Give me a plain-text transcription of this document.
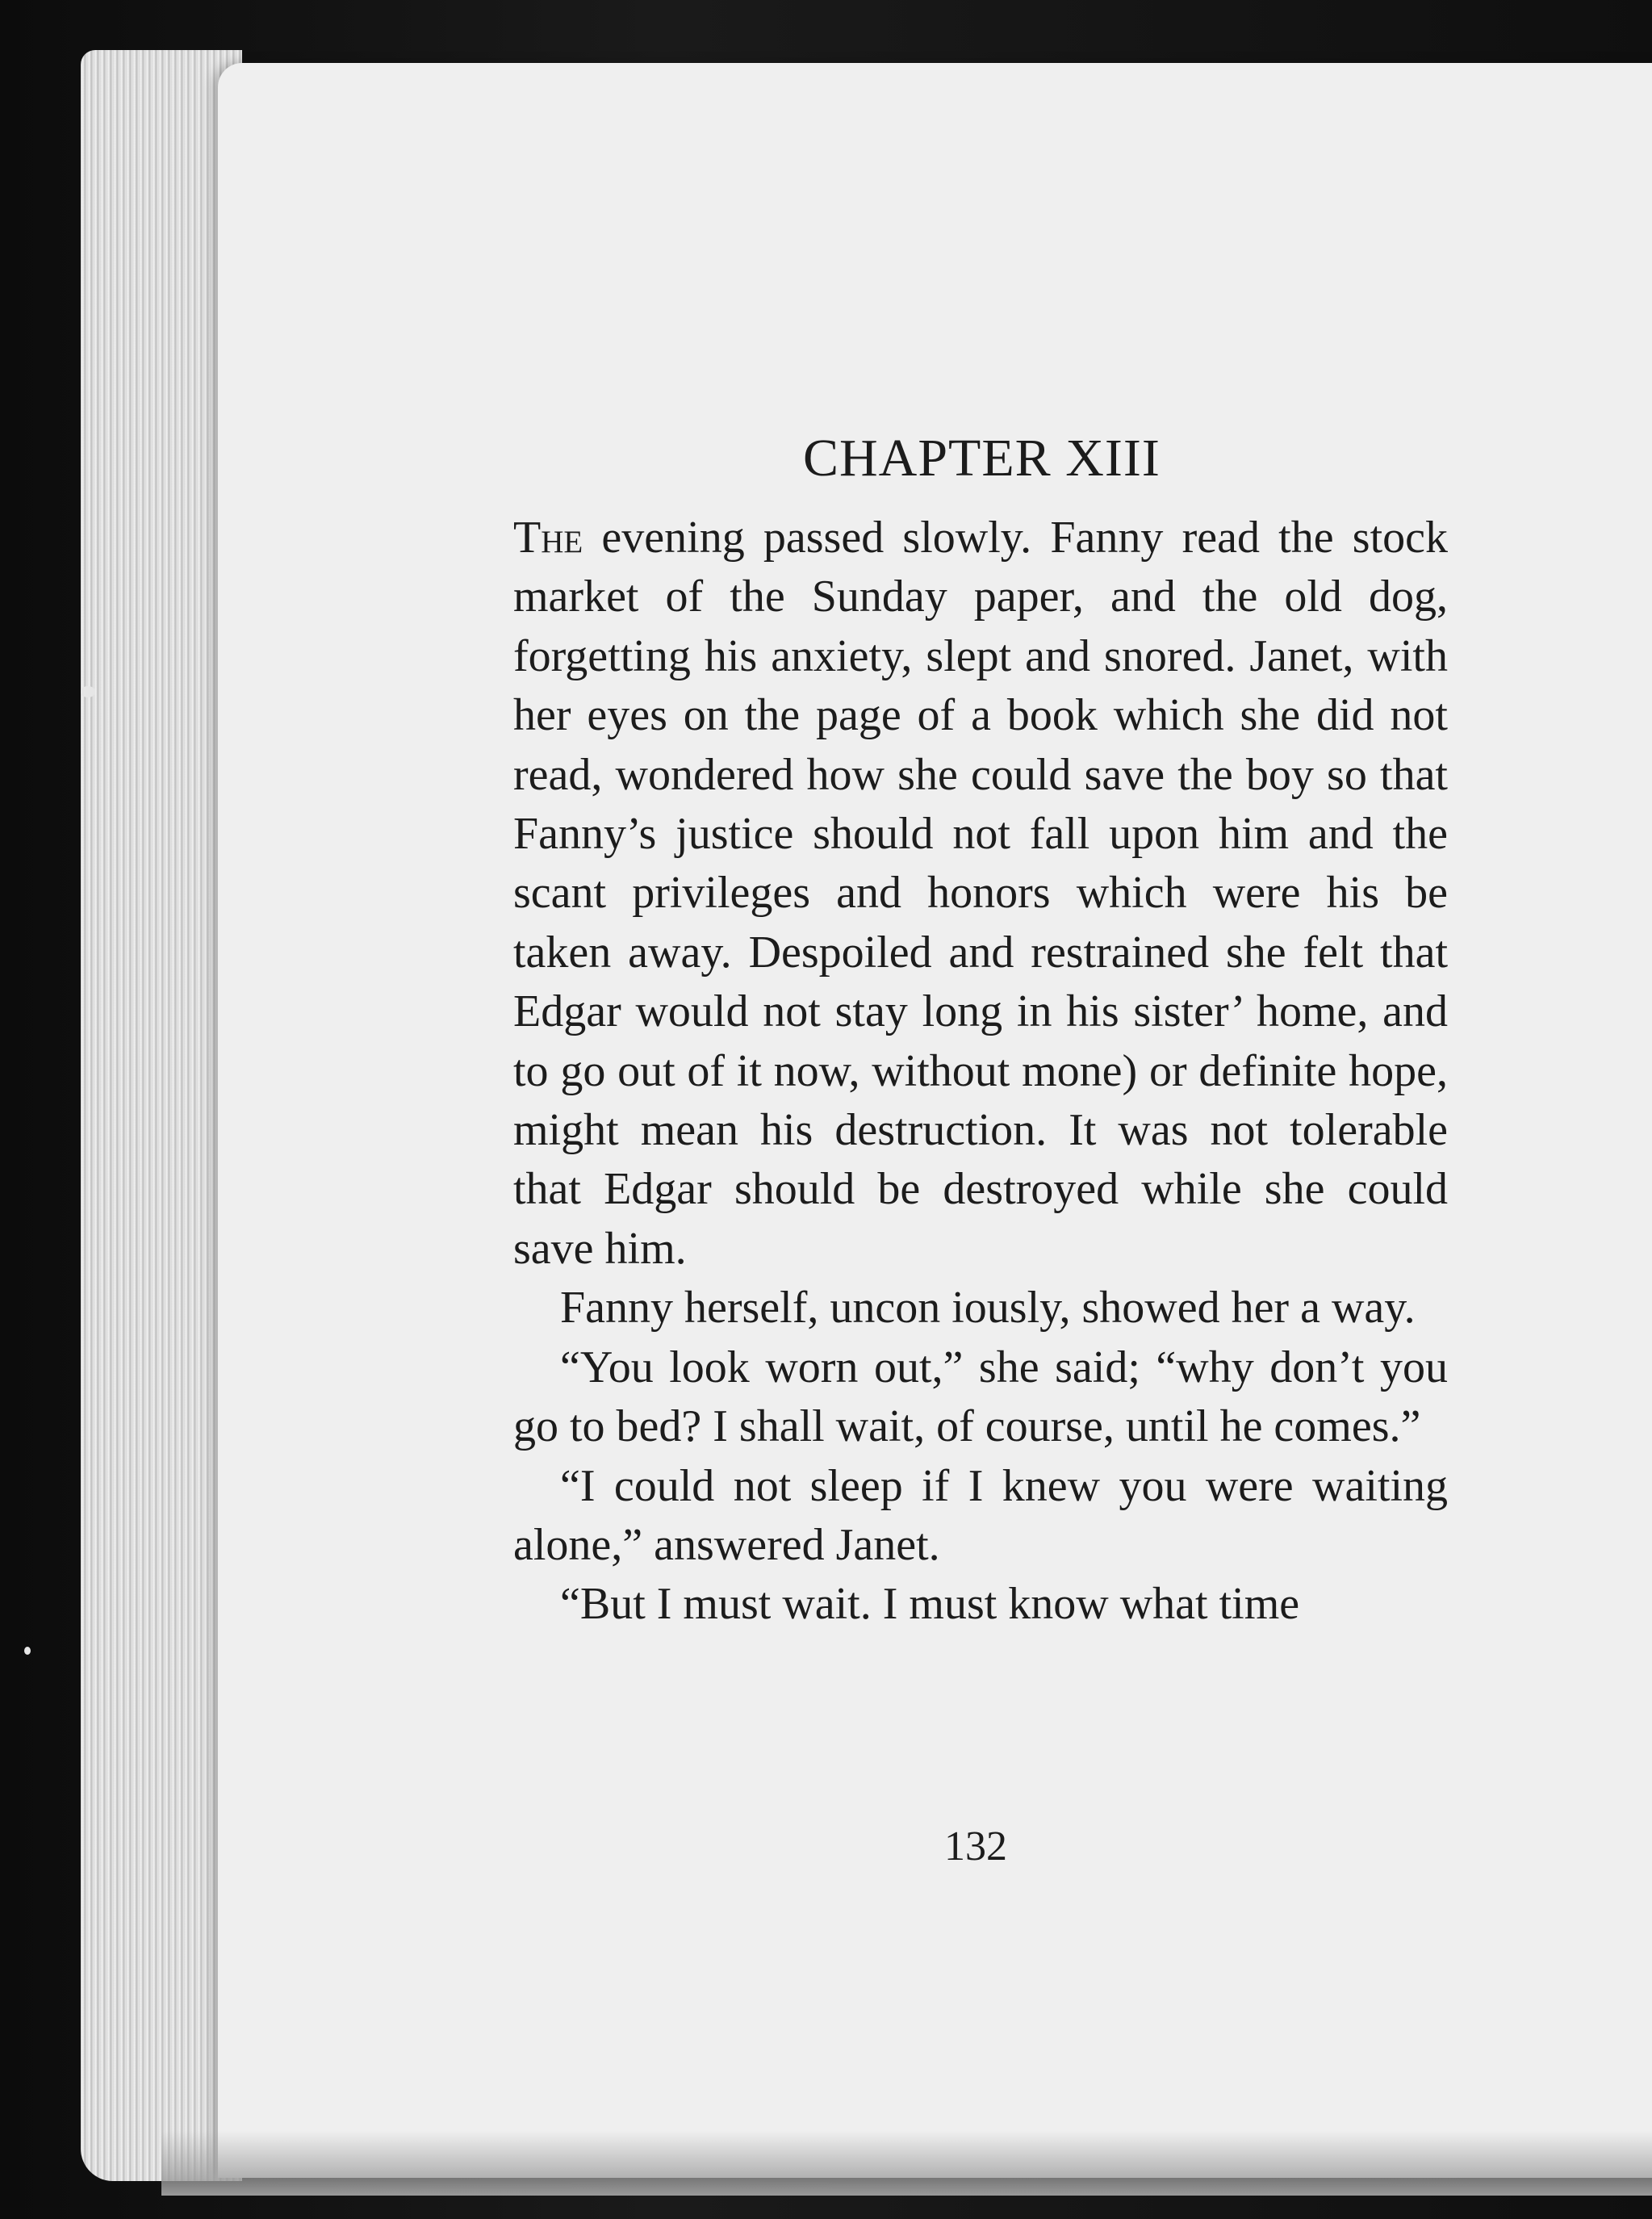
CHAPTER XIII

The evening passed slowly. Fanny read the stock market of the Sunday paper, and the old dog, forgetting his anxiety, slept and snored. Janet, with her eyes on the page of a book which she did not read, wondered how she could save the boy so that Fanny’s justice should not fall upon him and the scant privileges and honors which were his be taken away. Despoiled and restrained she felt that Edgar would not stay long in his sister’ home, and to go out of it now, without mone) or definite hope, might mean his destruction. It was not tolerable that Edgar should be destroyed while she could save him.

Fanny herself, uncon iously, showed her a way.

“You look worn out,” she said; “why don’t you go to bed? I shall wait, of course, until he comes.”

“I could not sleep if I knew you were waiting alone,” answered Janet.

“But I must wait. I must know what time

132
